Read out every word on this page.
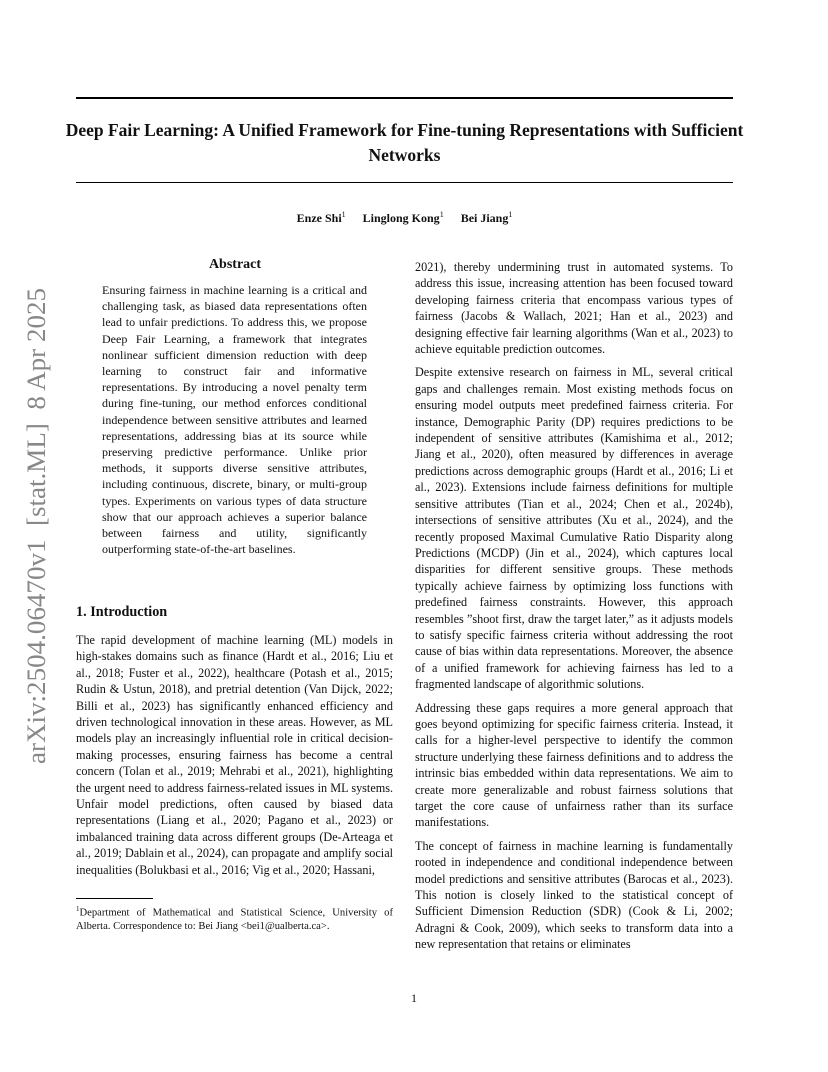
Deep Fair Learning: A Unified Framework for Fine-tuning Representations with Sufficient Networks
Enze Shi$^1$ Linglong Kong$^1$ Bei Jiang$^1$
arXiv:2504.06470v1  [stat.ML]  8 Apr 2025
Abstract

Ensuring fairness in machine learning is a critical and challenging task, as biased data representations often lead to unfair predictions. To address this, we propose Deep Fair Learning, a framework that integrates nonlinear sufficient dimension reduction with deep learning to construct fair and informative representations. By introducing a novel penalty term during fine-tuning, our method enforces conditional independence between sensitive attributes and learned representations, addressing bias at its source while preserving predictive performance. Unlike prior methods, it supports diverse sensitive attributes, including continuous, discrete, binary, or multi-group types. Experiments on various types of data structure show that our approach achieves a superior balance between fairness and utility, significantly outperforming state-of-the-art baselines.

1. Introduction

The rapid development of machine learning (ML) models in high-stakes domains such as finance (Hardt et al., 2016; Liu et al., 2018; Fuster et al., 2022), healthcare (Potash et al., 2015; Rudin & Ustun, 2018), and pretrial detention (Van Dijck, 2022; Billi et al., 2023) has significantly enhanced efficiency and driven technological innovation in these areas. However, as ML models play an increasingly influential role in critical decision-making processes, ensuring fairness has become a central concern (Tolan et al., 2019; Mehrabi et al., 2021), highlighting the urgent need to address fairness-related issues in ML systems. Unfair model predictions, often caused by biased data representations (Liang et al., 2020; Pagano et al., 2023) or imbalanced training data across different groups (De-Arteaga et al., 2019; Dablain et al., 2024), can propagate and amplify social inequalities (Bolukbasi et al., 2016; Vig et al., 2020; Hassani,

2021), thereby undermining trust in automated systems. To address this issue, increasing attention has been focused toward developing fairness criteria that encompass various types of fairness (Jacobs & Wallach, 2021; Han et al., 2023) and designing effective fair learning algorithms (Wan et al., 2023) to achieve equitable prediction outcomes.

Despite extensive research on fairness in ML, several critical gaps and challenges remain. Most existing methods focus on ensuring model outputs meet predefined fairness criteria. For instance, Demographic Parity (DP) requires predictions to be independent of sensitive attributes (Kamishima et al., 2012; Jiang et al., 2020), often measured by differences in average predictions across demographic groups (Hardt et al., 2016; Li et al., 2023). Extensions include fairness definitions for multiple sensitive attributes (Tian et al., 2024; Chen et al., 2024b), intersections of sensitive attributes (Xu et al., 2024), and the recently proposed Maximal Cumulative Ratio Disparity along Predictions (MCDP) (Jin et al., 2024), which captures local disparities for different sensitive groups. These methods typically achieve fairness by optimizing loss functions with predefined fairness constraints. However, this approach resembles ”shoot first, draw the target later,” as it adjusts models to satisfy specific fairness criteria without addressing the root cause of bias within data representations. Moreover, the absence of a unified framework for achieving fairness has led to a fragmented landscape of algorithmic solutions.

Addressing these gaps requires a more general approach that goes beyond optimizing for specific fairness criteria. Instead, it calls for a higher-level perspective to identify the common structure underlying these fairness definitions and to address the intrinsic bias embedded within data representations. We aim to create more generalizable and robust fairness solutions that target the core cause of unfairness rather than its surface manifestations.

The concept of fairness in machine learning is fundamentally rooted in independence and conditional independence between model predictions and sensitive attributes (Barocas et al., 2023). This notion is closely linked to the statistical concept of Sufficient Dimension Reduction (SDR) (Cook & Li, 2002; Adragni & Cook, 2009), which seeks to transform data into a new representation that retains or eliminates

$^1$Department of Mathematical and Statistical Science, University of Alberta. Correspondence to: Bei Jiang <bei1@ualberta.ca>.
1
